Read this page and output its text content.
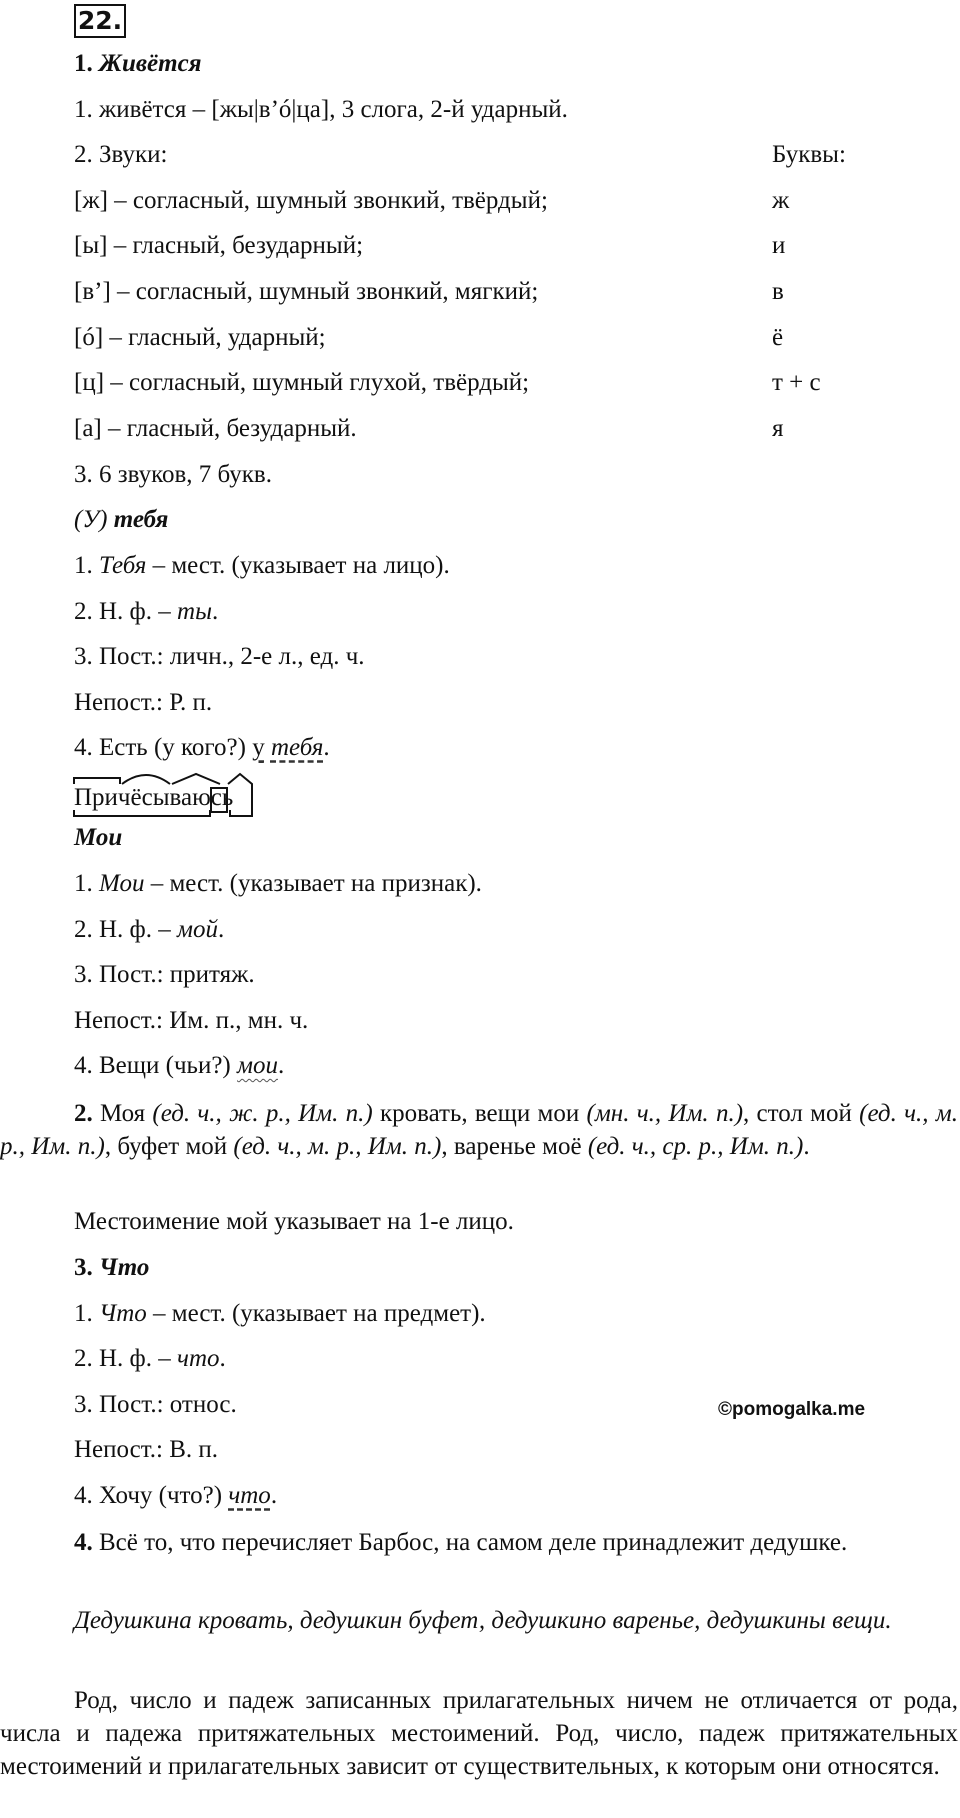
22.

1. Живётся

1. живётся – [жы|в’ó|ца], 3 слога, 2-й ударный.

2. Звуки:	Буквы:

[ж] – согласный, шумный звонкий, твёрдый;	ж

[ы] – гласный, безударный;	и

[в’] – согласный, шумный звонкий, мягкий;	в

[ó] – гласный, ударный;	ё

[ц] – согласный, шумный глухой, твёрдый;	т + с

[а] – гласный, безударный.	я

3. 6 звуков, 7 букв.

(У) тебя

1. Тебя – мест. (указывает на лицо).

2. Н. ф. – ты.

3. Пост.: личн., 2-е л., ед. ч.

Непост.: Р. п.

4. Есть (у кого?) у тебя.

Причёсываюсь

Мои

1. Мои – мест. (указывает на признак).

2. Н. ф. – мой.

3. Пост.: притяж.

Непост.: Им. п., мн. ч.

4. Вещи (чьи?) мои.

2. Моя (ед. ч., ж. р., Им. п.) кровать, вещи мои (мн. ч., Им. п.), стол мой (ед. ч., м. р., Им. п.), буфет мой (ед. ч., м. р., Им. п.), варенье моё (ед. ч., ср. р., Им. п.).

Местоимение мой указывает на 1-е лицо.

3. Что

1. Что – мест. (указывает на предмет).

2. Н. ф. – что.

3. Пост.: относ.	©pomogalka.me

Непост.: В. п.

4. Хочу (что?) что.

4. Всё то, что перечисляет Барбос, на самом деле принадлежит дедушке.

Дедушкина кровать, дедушкин буфет, дедушкино варенье, дедушкины вещи.

Род, число и падеж записанных прилагательных ничем не отличается от рода, числа и падежа притяжательных местоимений. Род, число, падеж притяжательных местоимений и прилагательных зависит от существительных, к которым они относятся.
